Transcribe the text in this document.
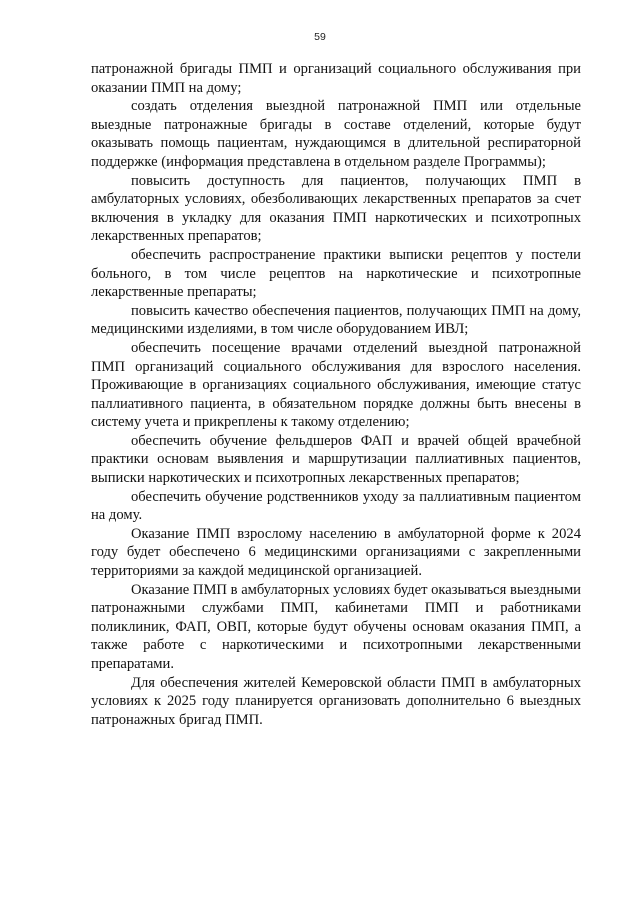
59

патронажной бригады ПМП и организаций социального обслуживания при оказании ПМП на дому;

создать отделения выездной патронажной ПМП или отдельные выездные патронажные бригады в составе отделений, которые будут оказывать помощь пациентам, нуждающимся в длительной респираторной поддержке (информация представлена в отдельном разделе Программы);

повысить доступность для пациентов, получающих ПМП в амбулаторных условиях, обезболивающих лекарственных препаратов за счет включения в укладку для оказания ПМП наркотических и психотропных лекарственных препаратов;

обеспечить распространение практики выписки рецептов у постели больного, в том числе рецептов на наркотические и психотропные лекарственные препараты;

повысить качество обеспечения пациентов, получающих ПМП на дому, медицинскими изделиями, в том числе оборудованием ИВЛ;

обеспечить посещение врачами отделений выездной патронажной ПМП организаций социального обслуживания для взрослого населения. Проживающие в организациях социального обслуживания, имеющие статус паллиативного пациента, в обязательном порядке должны быть внесены в систему учета и прикреплены к такому отделению;

обеспечить обучение фельдшеров ФАП и врачей общей врачебной практики основам выявления и маршрутизации паллиативных пациентов, выписки наркотических и психотропных лекарственных препаратов;

обеспечить обучение родственников уходу за паллиативным пациентом на дому.

Оказание ПМП взрослому населению в амбулаторной форме к 2024 году будет обеспечено 6 медицинскими организациями с закрепленными территориями за каждой медицинской организацией.

Оказание ПМП в амбулаторных условиях будет оказываться выездными патронажными службами ПМП, кабинетами ПМП и работниками поликлиник, ФАП, ОВП, которые будут обучены основам оказания ПМП, а также работе с наркотическими и психотропными лекарственными препаратами.

Для обеспечения жителей Кемеровской области ПМП в амбулаторных условиях к 2025 году планируется организовать дополнительно 6 выездных патронажных бригад ПМП.
